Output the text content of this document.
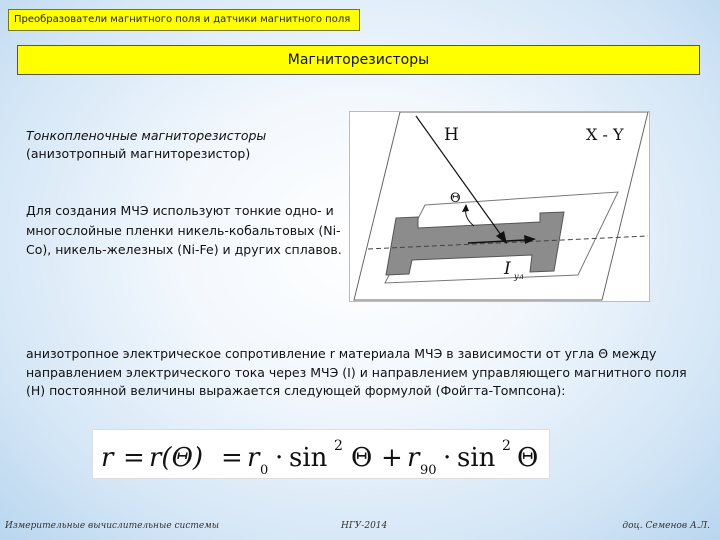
Преобразователи магнитного поля и датчики магнитного поля
Магниторезисторы
Тонкопленочные магниторезисторы
(анизотропный магниторезистор)
Для создания МЧЭ используют тонкие одно- и многослойные пленки никель-кобальтовых (Ni-Co), никель-железных (Ni-Fe) и других сплавов.
H	X - Y
Θ
I ул
анизотропное электрическое сопротивление r материала МЧЭ в зависимости от угла Θ между направлением электрического тока через МЧЭ (I) и направлением управляющего магнитного поля (H) постоянной величины выражается следующей формулой (Фойгта-Томпсона):
r = r(Θ) = r 0 · sin 2 Θ + r 90 · sin 2 Θ
Измерительные вычислительные системы	НГУ-2014	доц. Семенов А.Л.
